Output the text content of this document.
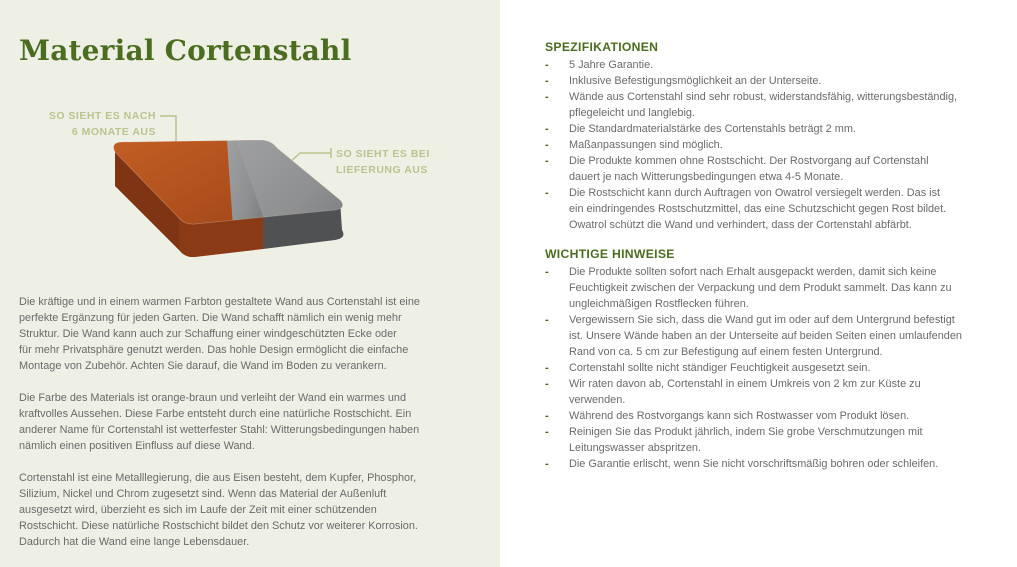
Material Cortenstahl
SO SIEHT ES NACH
6 MONATE AUS
SO SIEHT ES BEI
LIEFERUNG AUS
Die kräftige und in einem warmen Farbton gestaltete Wand aus Cortenstahl ist eine
perfekte Ergänzung für jeden Garten. Die Wand schafft nämlich ein wenig mehr
Struktur. Die Wand kann auch zur Schaffung einer windgeschützten Ecke oder
für mehr Privatsphäre genutzt werden. Das hohle Design ermöglicht die einfache
Montage von Zubehör. Achten Sie darauf, die Wand im Boden zu verankern.
Die Farbe des Materials ist orange-braun und verleiht der Wand ein warmes und
kraftvolles Aussehen. Diese Farbe entsteht durch eine natürliche Rostschicht. Ein
anderer Name für Cortenstahl ist wetterfester Stahl: Witterungsbedingungen haben
nämlich einen positiven Einfluss auf diese Wand.
Cortenstahl ist eine Metalllegierung, die aus Eisen besteht, dem Kupfer, Phosphor,
Silizium, Nickel und Chrom zugesetzt sind. Wenn das Material der Außenluft
ausgesetzt wird, überzieht es sich im Laufe der Zeit mit einer schützenden
Rostschicht. Diese natürliche Rostschicht bildet den Schutz vor weiterer Korrosion.
Dadurch hat die Wand eine lange Lebensdauer.
SPEZIFIKATIONEN
- 5 Jahre Garantie.
- Inklusive Befestigungsmöglichkeit an der Unterseite.
- Wände aus Cortenstahl sind sehr robust, widerstandsfähig, witterungsbeständig,
pflegeleicht und langlebig.
- Die Standardmaterialstärke des Cortenstahls beträgt 2 mm.
- Maßanpassungen sind möglich.
- Die Produkte kommen ohne Rostschicht. Der Rostvorgang auf Cortenstahl
dauert je nach Witterungsbedingungen etwa 4-5 Monate.
- Die Rostschicht kann durch Auftragen von Owatrol versiegelt werden. Das ist
ein eindringendes Rostschutzmittel, das eine Schutzschicht gegen Rost bildet.
Owatrol schützt die Wand und verhindert, dass der Cortenstahl abfärbt.
WICHTIGE HINWEISE
- Die Produkte sollten sofort nach Erhalt ausgepackt werden, damit sich keine
Feuchtigkeit zwischen der Verpackung und dem Produkt sammelt. Das kann zu
ungleichmäßigen Rostflecken führen.
- Vergewissern Sie sich, dass die Wand gut im oder auf dem Untergrund befestigt
ist. Unsere Wände haben an der Unterseite auf beiden Seiten einen umlaufenden
Rand von ca. 5 cm zur Befestigung auf einem festen Untergrund.
- Cortenstahl sollte nicht ständiger Feuchtigkeit ausgesetzt sein.
- Wir raten davon ab, Cortenstahl in einem Umkreis von 2 km zur Küste zu
verwenden.
- Während des Rostvorgangs kann sich Rostwasser vom Produkt lösen.
- Reinigen Sie das Produkt jährlich, indem Sie grobe Verschmutzungen mit
Leitungswasser abspritzen.
- Die Garantie erlischt, wenn Sie nicht vorschriftsmäßig bohren oder schleifen.
